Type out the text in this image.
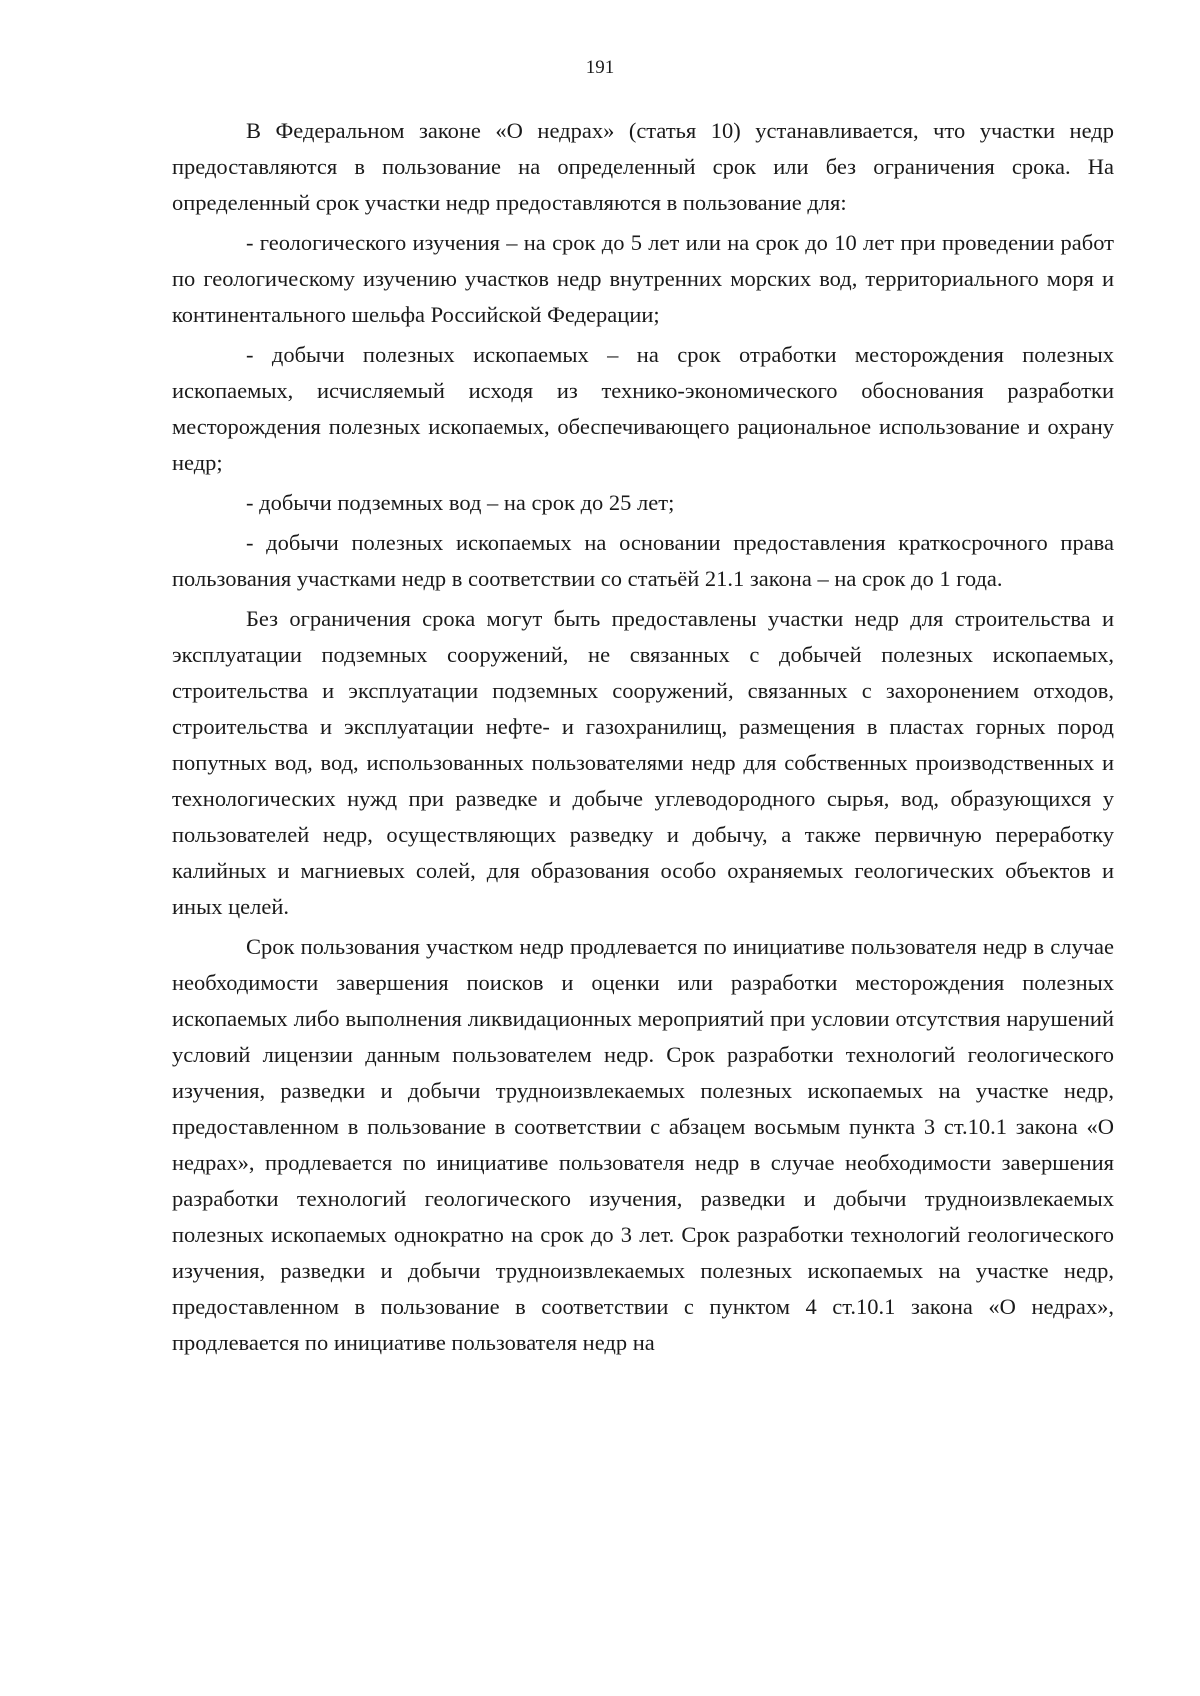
191

В Федеральном законе «О недрах» (статья 10) устанавливается, что участки недр предоставляются в пользование на определенный срок или без ограничения срока. На определенный срок участки недр предоставляются в пользование для:

- геологического изучения – на срок до 5 лет или на срок до 10 лет при проведении работ по геологическому изучению участков недр внутренних морских вод, территориального моря и континентального шельфа Российской Федерации;

- добычи полезных ископаемых – на срок отработки месторождения полезных ископаемых, исчисляемый исходя из технико-экономического обоснования разработки месторождения полезных ископаемых, обеспечивающего рациональное использование и охрану недр;

- добычи подземных вод – на срок до 25 лет;

- добычи полезных ископаемых на основании предоставления краткосрочного права пользования участками недр в соответствии со статьёй 21.1 закона – на срок до 1 года.

Без ограничения срока могут быть предоставлены участки недр для строительства и эксплуатации подземных сооружений, не связанных с добычей полезных ископаемых, строительства и эксплуатации подземных сооружений, связанных с захоронением отходов, строительства и эксплуатации нефте- и газохранилищ, размещения в пластах горных пород попутных вод, вод, использованных пользователями недр для собственных производственных и технологических нужд при разведке и добыче углеводородного сырья, вод, образующихся у пользователей недр, осуществляющих разведку и добычу, а также первичную переработку калийных и магниевых солей, для образования особо охраняемых геологических объектов и иных целей.

Срок пользования участком недр продлевается по инициативе пользователя недр в случае необходимости завершения поисков и оценки или разработки месторождения полезных ископаемых либо выполнения ликвидационных мероприятий при условии отсутствия нарушений условий лицензии данным пользователем недр. Срок разработки технологий геологического изучения, разведки и добычи трудноизвлекаемых полезных ископаемых на участке недр, предоставленном в пользование в соответствии с абзацем восьмым пункта 3 ст.10.1 закона «О недрах», продлевается по инициативе пользователя недр в случае необходимости завершения разработки технологий геологического изучения, разведки и добычи трудноизвлекаемых полезных ископаемых однократно на срок до 3 лет. Срок разработки технологий геологического изучения, разведки и добычи трудноизвлекаемых полезных ископаемых на участке недр, предоставленном в пользование в соответствии с пунктом 4 ст.10.1 закона «О недрах», продлевается по инициативе пользователя недр на
